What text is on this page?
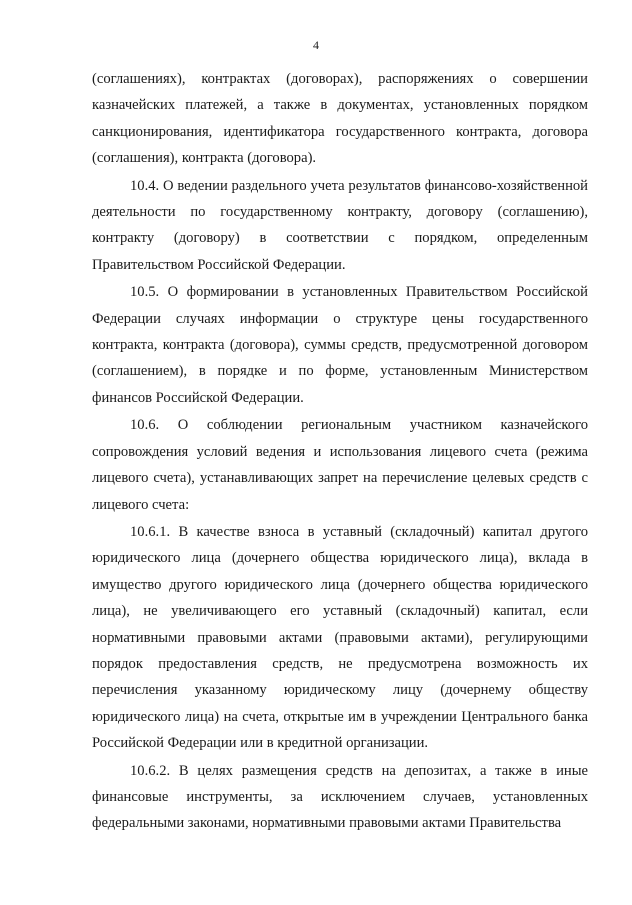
4

(соглашениях), контрактах (договорах), распоряжениях о совершении казначейских платежей, а также в документах, установленных порядком санкционирования, идентификатора государственного контракта, договора (соглашения), контракта (договора).

10.4. О ведении раздельного учета результатов финансово-хозяйственной деятельности по государственному контракту, договору (соглашению), контракту (договору) в соответствии с порядком, определенным Правительством Российской Федерации.

10.5. О формировании в установленных Правительством Российской Федерации случаях информации о структуре цены государственного контракта, контракта (договора), суммы средств, предусмотренной договором (соглашением), в порядке и по форме, установленным Министерством финансов Российской Федерации.

10.6. О соблюдении региональным участником казначейского сопровождения условий ведения и использования лицевого счета (режима лицевого счета), устанавливающих запрет на перечисление целевых средств с лицевого счета:

10.6.1. В качестве взноса в уставный (складочный) капитал другого юридического лица (дочернего общества юридического лица), вклада в имущество другого юридического лица (дочернего общества юридического лица), не увеличивающего его уставный (складочный) капитал, если нормативными правовыми актами (правовыми актами), регулирующими порядок предоставления средств, не предусмотрена возможность их перечисления указанному юридическому лицу (дочернему обществу юридического лица) на счета, открытые им в учреждении Центрального банка Российской Федерации или в кредитной организации.

10.6.2. В целях размещения средств на депозитах, а также в иные финансовые инструменты, за исключением случаев, установленных федеральными законами, нормативными правовыми актами Правительства
